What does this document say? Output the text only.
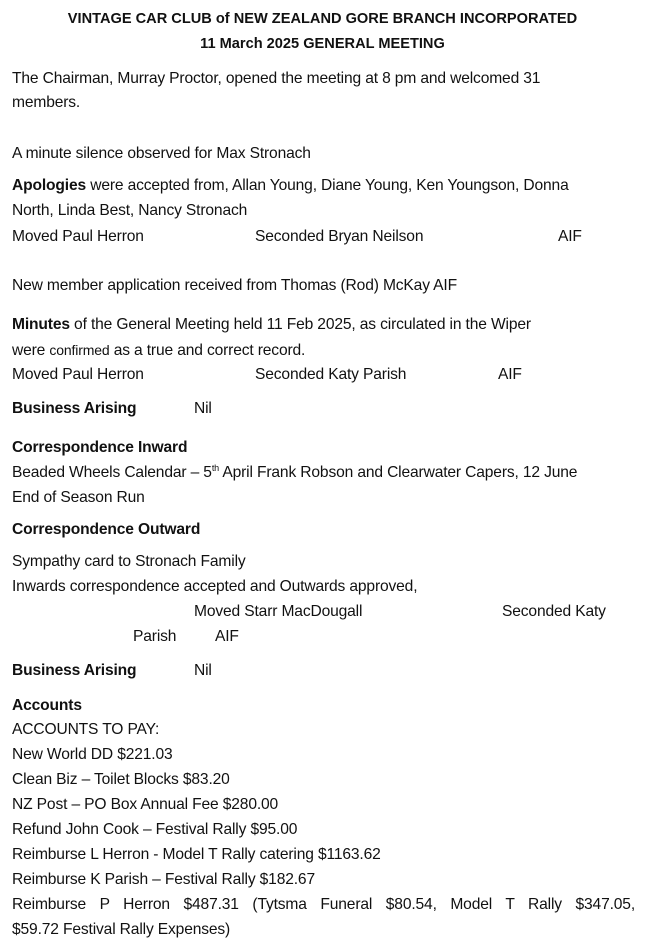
VINTAGE CAR CLUB of NEW ZEALAND GORE BRANCH INCORPORATED
11 March 2025 GENERAL MEETING
The Chairman, Murray Proctor, opened the meeting at 8 pm and welcomed 31
members.
A minute silence observed for Max Stronach
Apologies were accepted from, Allan Young, Diane Young, Ken Youngson, Donna
North, Linda Best, Nancy Stronach
Moved Paul Herron	Seconded Bryan Neilson	AIF
New member application received from Thomas (Rod) McKay AIF
Minutes of the General Meeting held 11 Feb 2025, as circulated in the Wiper
were confirmed as a true and correct record.
Moved Paul Herron	Seconded Katy Parish	AIF
Business Arising	Nil
Correspondence Inward
Beaded Wheels Calendar – 5th April Frank Robson and Clearwater Capers, 12 June
End of Season Run
Correspondence Outward
Sympathy card to Stronach Family
Inwards correspondence accepted and Outwards approved,
Moved Starr MacDougall	Seconded Katy
Parish AIF
Business Arising	Nil
Accounts
ACCOUNTS TO PAY:
New World DD $221.03
Clean Biz – Toilet Blocks $83.20
NZ Post – PO Box Annual Fee $280.00
Refund John Cook – Festival Rally $95.00
Reimburse L Herron - Model T Rally catering $1163.62
Reimburse K Parish – Festival Rally $182.67
Reimburse P Herron $487.31 (Tytsma Funeral $80.54, Model T Rally $347.05,
$59.72 Festival Rally Expenses)
